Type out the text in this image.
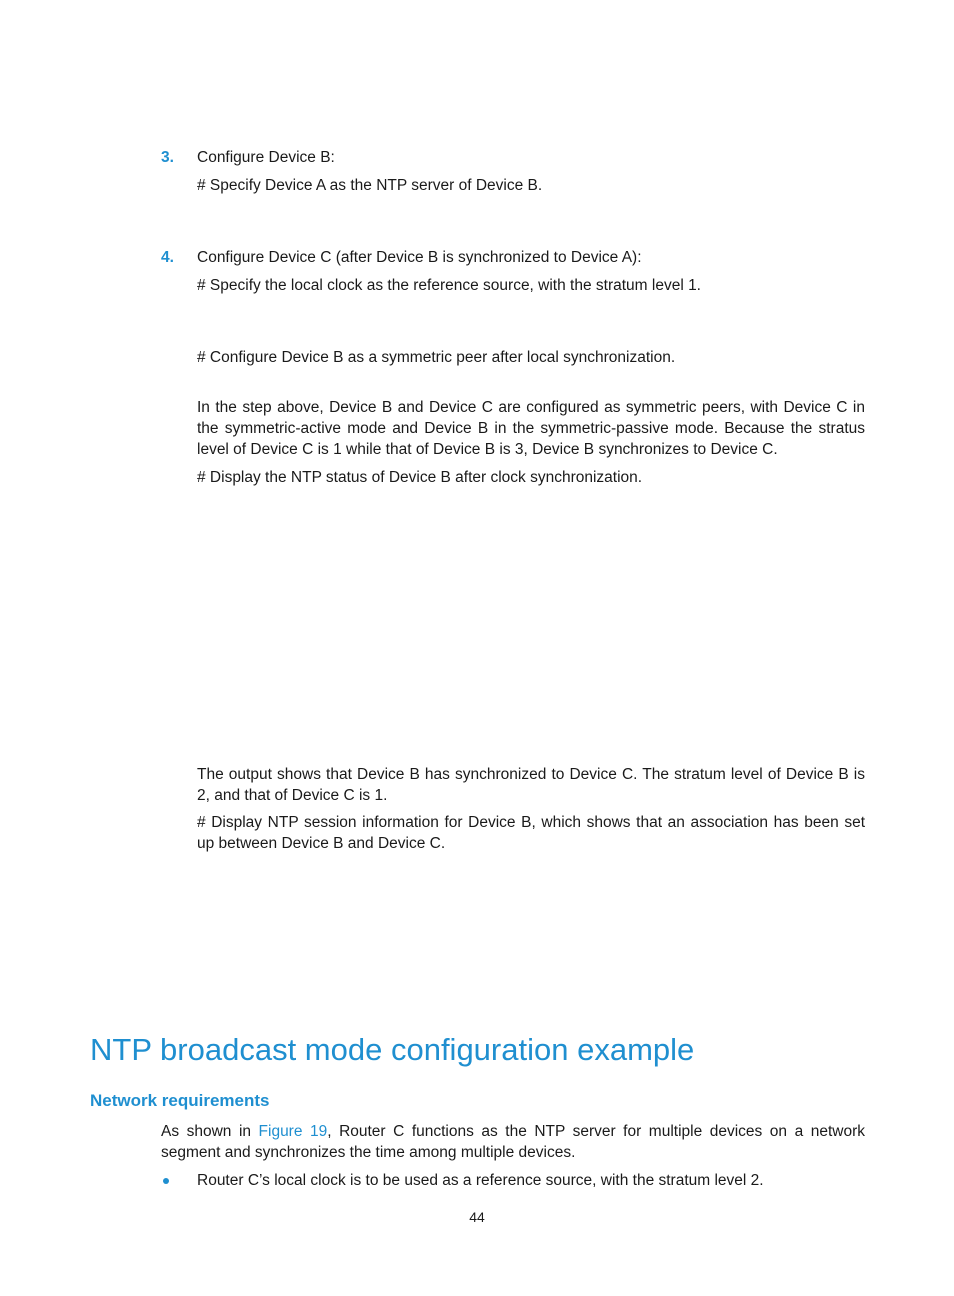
3. Configure Device B:
# Specify Device A as the NTP server of Device B.
4. Configure Device C (after Device B is synchronized to Device A):
# Specify the local clock as the reference source, with the stratum level 1.
# Configure Device B as a symmetric peer after local synchronization.
In the step above, Device B and Device C are configured as symmetric peers, with Device C in the symmetric-active mode and Device B in the symmetric-passive mode. Because the stratus level of Device C is 1 while that of Device B is 3, Device B synchronizes to Device C.
# Display the NTP status of Device B after clock synchronization.
The output shows that Device B has synchronized to Device C. The stratum level of Device B is 2, and that of Device C is 1.
# Display NTP session information for Device B, which shows that an association has been set up between Device B and Device C.
NTP broadcast mode configuration example
Network requirements
As shown in Figure 19, Router C functions as the NTP server for multiple devices on a network segment and synchronizes the time among multiple devices.
Router C’s local clock is to be used as a reference source, with the stratum level 2.
44
